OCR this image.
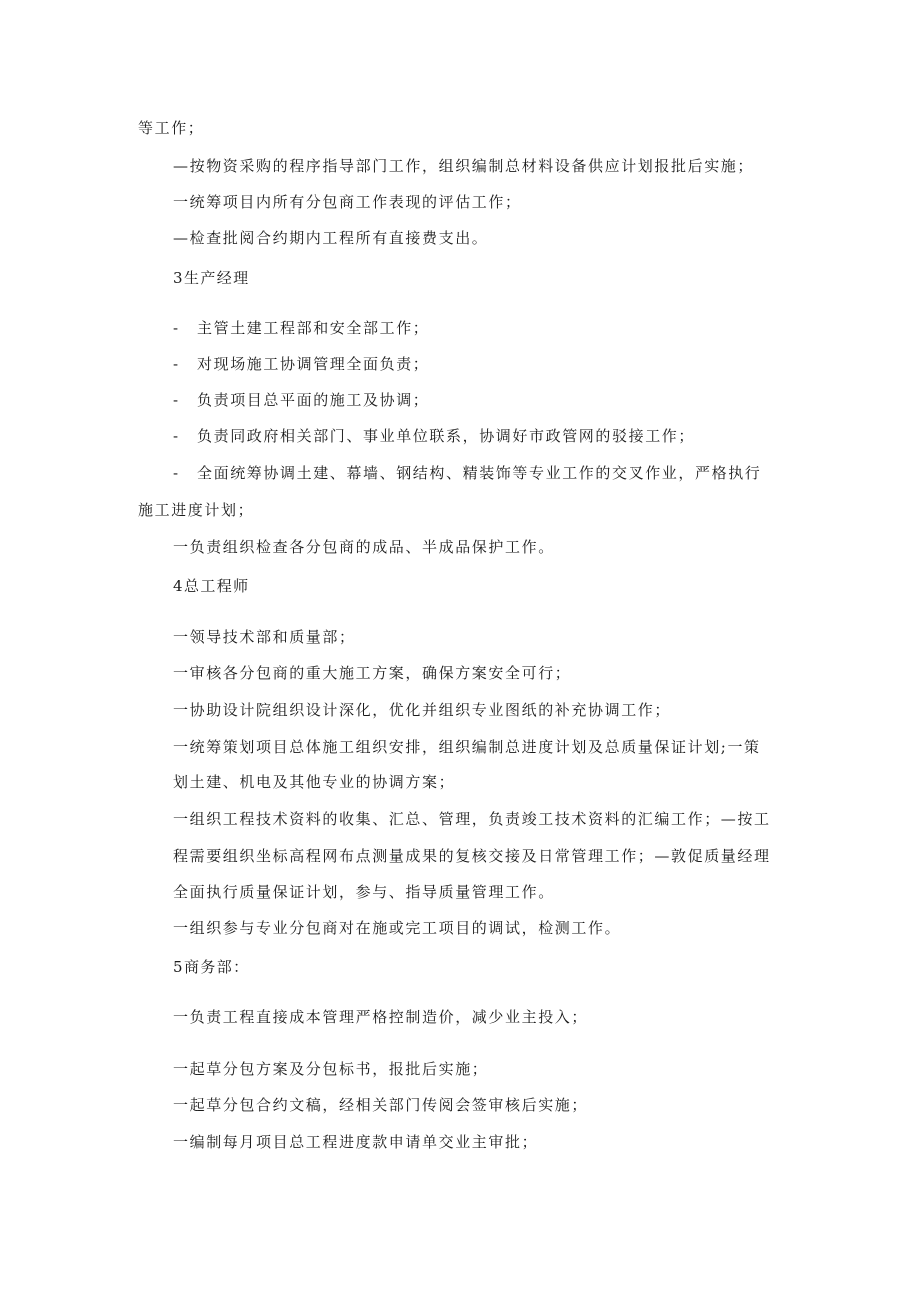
等工作；
—按物资采购的程序指导部门工作，组织编制总材料设备供应计划报批后实施；
一统筹项目内所有分包商工作表现的评估工作；
—检查批阅合约期内工程所有直接费支出。
3生产经理
- 主管土建工程部和安全部工作；
- 对现场施工协调管理全面负责；
- 负责项目总平面的施工及协调；
- 负责同政府相关部门、事业单位联系，协调好市政管网的驳接工作；
- 全面统筹协调土建、幕墙、钢结构、精装饰等专业工作的交叉作业，严格执行
施工进度计划；
一负责组织检查各分包商的成品、半成品保护工作。
4总工程师
一领导技术部和质量部；
一审核各分包商的重大施工方案，确保方案安全可行；
一协助设计院组织设计深化，优化并组织专业图纸的补充协调工作；
一统筹策划项目总体施工组织安排，组织编制总进度计划及总质量保证计划;一策
划土建、机电及其他专业的协调方案；
一组织工程技术资料的收集、汇总、管理，负责竣工技术资料的汇编工作；—按工
程需要组织坐标高程网布点测量成果的复核交接及日常管理工作；—敦促质量经理
全面执行质量保证计划，参与、指导质量管理工作。
一组织参与专业分包商对在施或完工项目的调试，检测工作。
5商务部：
一负责工程直接成本管理严格控制造价，减少业主投入；
一起草分包方案及分包标书，报批后实施；
一起草分包合约文稿，经相关部门传阅会签审核后实施；
一编制每月项目总工程进度款申请单交业主审批；
